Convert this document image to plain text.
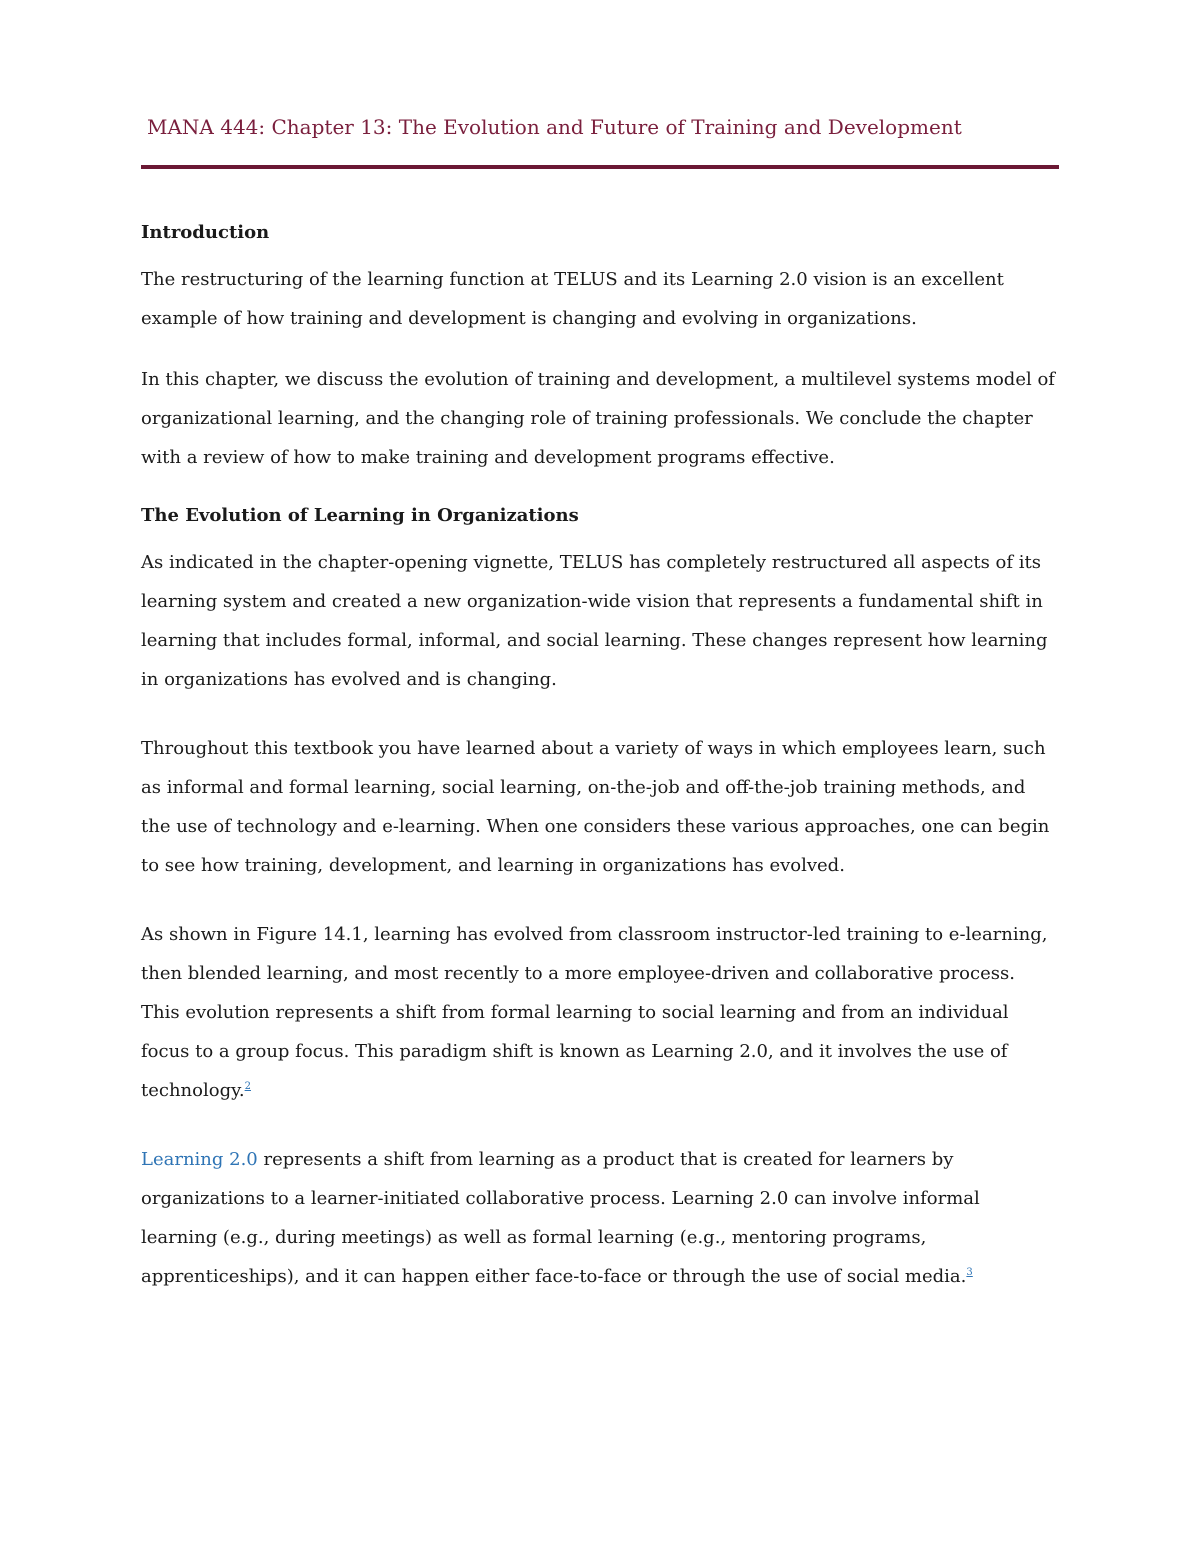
MANA 444: Chapter 13: The Evolution and Future of Training and Development
Introduction

The restructuring of the learning function at TELUS and its Learning 2.0 vision is an excellent example of how training and development is changing and evolving in organizations.

In this chapter, we discuss the evolution of training and development, a multilevel systems model of organizational learning, and the changing role of training professionals. We conclude the chapter with a review of how to make training and development programs effective.

The Evolution of Learning in Organizations

As indicated in the chapter-opening vignette, TELUS has completely restructured all aspects of its learning system and created a new organization-wide vision that represents a fundamental shift in learning that includes formal, informal, and social learning. These changes represent how learning in organizations has evolved and is changing.

Throughout this textbook you have learned about a variety of ways in which employees learn, such as informal and formal learning, social learning, on-the-job and off-the-job training methods, and the use of technology and e-learning. When one considers these various approaches, one can begin to see how training, development, and learning in organizations has evolved.

As shown in Figure 14.1, learning has evolved from classroom instructor-led training to e-learning, then blended learning, and most recently to a more employee-driven and collaborative process. This evolution represents a shift from formal learning to social learning and from an individual focus to a group focus. This paradigm shift is known as Learning 2.0, and it involves the use of technology.$^2$

Learning 2.0 represents a shift from learning as a product that is created for learners by organizations to a learner-initiated collaborative process. Learning 2.0 can involve informal learning (e.g., during meetings) as well as formal learning (e.g., mentoring programs, apprenticeships), and it can happen either face-to-face or through the use of social media.$^3$
